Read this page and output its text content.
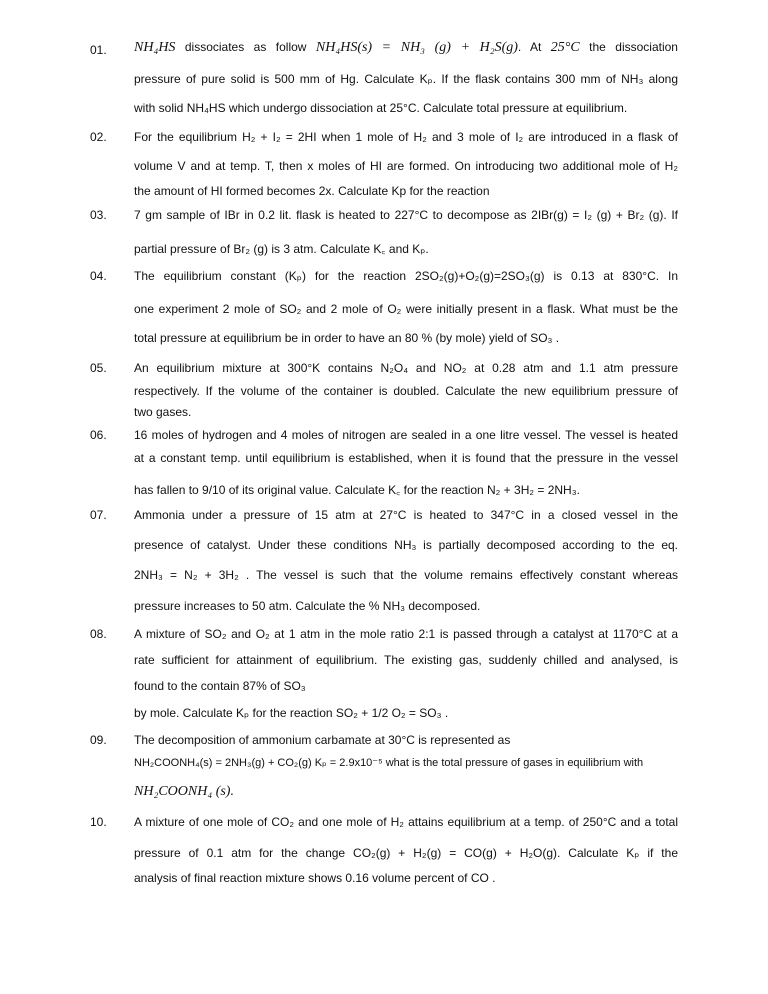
01. NH₄HS dissociates as follow NH₄HS(s) = NH₃ (g) + H₂S(g). At 25°C the dissociation
pressure of pure solid is 500 mm of Hg. Calculate Kₚ. If the flask contains 300 mm of NH₃ along
with solid NH₄HS which undergo dissociation at 25°C. Calculate total pressure at equilibrium.
02. For the equilibrium H₂ + I₂ = 2HI when 1 mole of H₂ and 3 mole of I₂ are introduced in a flask of
volume V and at temp. T, then x moles of HI are formed. On introducing two additional mole of H₂
the amount of HI formed becomes 2x. Calculate Kp for the reaction
03. 7 gm sample of IBr in 0.2 lit. flask is heated to 227°C to decompose as 2IBr(g) = I₂ (g) + Br₂ (g). If
partial pressure of Br₂ (g) is 3 atm. Calculate K꜀ and Kₚ.
04. The equilibrium constant (Kₚ) for the reaction 2SO₂(g)+O₂(g)=2SO₃(g) is 0.13 at 830°C. In
one experiment 2 mole of SO₂ and 2 mole of O₂ were initially present in a flask. What must be the
total pressure at equilibrium be in order to have an 80 % (by mole) yield of SO₃ .
05. An equilibrium mixture at 300°K contains N₂O₄ and NO₂ at 0.28 atm and 1.1 atm pressure
respectively. If the volume of the container is doubled. Calculate the new equilibrium pressure of
two gases.
06. 16 moles of hydrogen and 4 moles of nitrogen are sealed in a one litre vessel. The vessel is heated
at a constant temp. until equilibrium is established, when it is found that the pressure in the vessel
has fallen to 9/10 of its original value. Calculate K꜀ for the reaction N₂ + 3H₂ = 2NH₃.
07. Ammonia under a pressure of 15 atm at 27°C is heated to 347°C in a closed vessel in the
presence of catalyst. Under these conditions NH₃ is partially decomposed according to the eq.
2NH₃ = N₂ + 3H₂ . The vessel is such that the volume remains effectively constant whereas
pressure increases to 50 atm. Calculate the % NH₃ decomposed.
08. A mixture of SO₂ and O₂ at 1 atm in the mole ratio 2:1 is passed through a catalyst at 1170°C at a
rate sufficient for attainment of equilibrium. The existing gas, suddenly chilled and analysed, is
found to the contain 87% of SO₃
by mole. Calculate Kₚ for the reaction SO₂ + 1/2 O₂ = SO₃ .
09. The decomposition of ammonium carbamate at 30°C is represented as
NH₂COONH₄(s) = 2NH₃(g) + CO₂(g) Kₚ = 2.9x10⁻⁵ what is the total pressure of gases in equilibrium with
NH₂COONH₄ (s).
10. A mixture of one mole of CO₂ and one mole of H₂ attains equilibrium at a temp. of 250°C and a total
pressure of 0.1 atm for the change CO₂(g) + H₂(g) = CO(g) + H₂O(g). Calculate Kₚ if the
analysis of final reaction mixture shows 0.16 volume percent of CO .
